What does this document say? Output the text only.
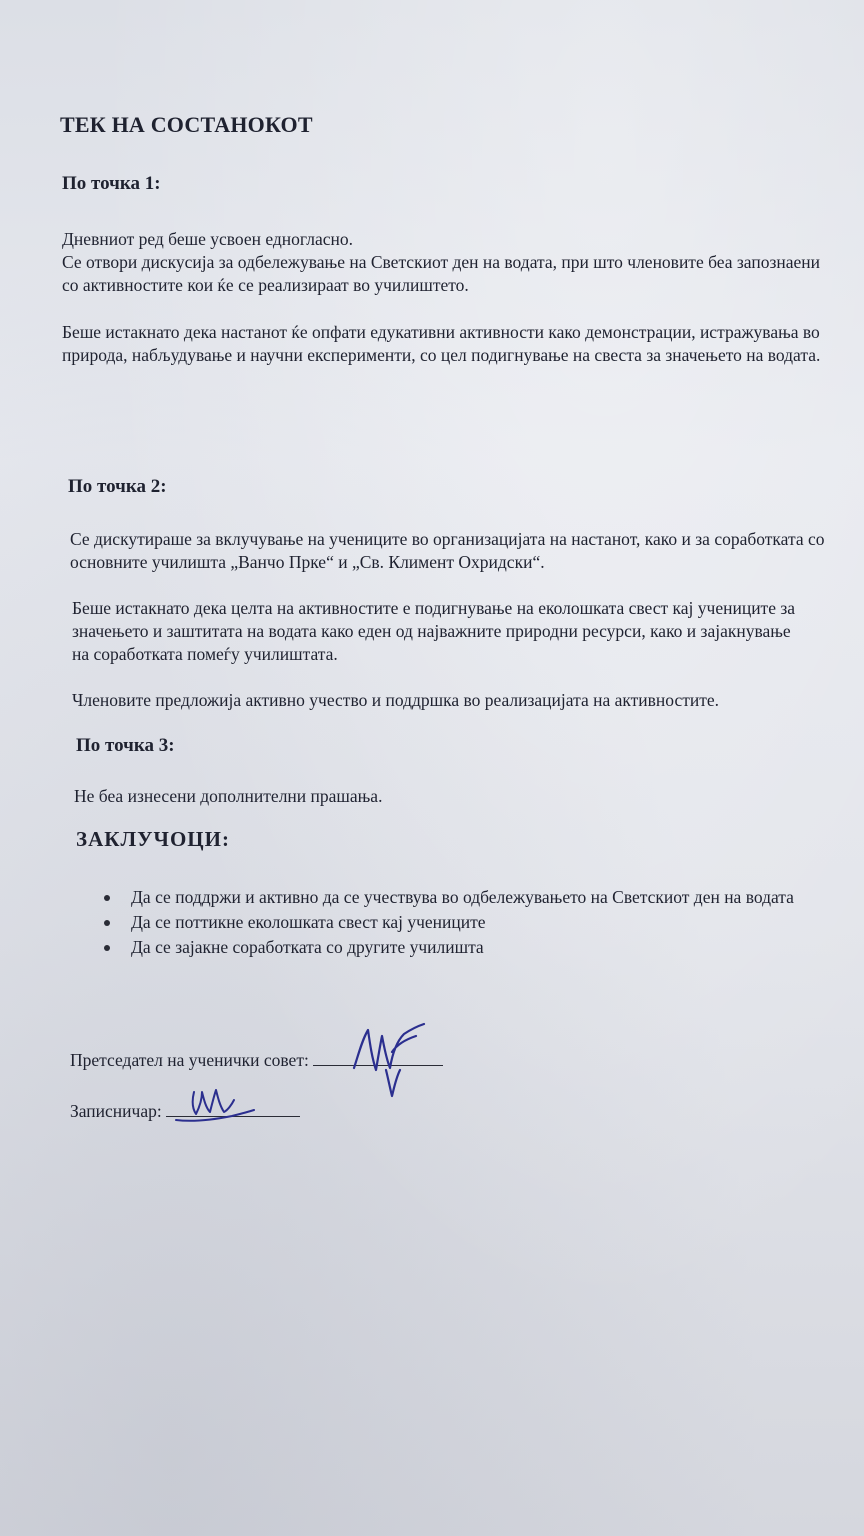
ТЕК НА СОСТАНОКОТ
По точка 1:
Дневниот ред беше усвоен едногласно.
Се отвори дискусија за одбележување на Светскиот ден на водата, при што членовите беа запознаени со активностите кои ќе се реализираат во училиштето.
Беше истакнато дека настанот ќе опфати едукативни активности како демонстрации, истражувања во природа, набљудување и научни експерименти, со цел подигнување на свеста за значењето на водата.
По точка 2:
Се дискутираше за вклучување на учениците во организацијата на настанот, како и за соработката со основните училишта „Ванчо Прке“ и „Св. Климент Охридски“.
Беше истакнато дека целта на активностите е подигнување на еколошката свест кај учениците за значењето и заштитата на водата како еден од најважните природни ресурси, како и зајакнување на соработката помеѓу училиштата.
Членовите предложија активно учество и поддршка во реализацијата на активностите.
По точка 3:
Не беа изнесени дополнителни прашања.
ЗАКЛУЧОЦИ:
Да се поддржи и активно да се учествува во одбележувањето на Светскиот ден на водата
Да се поттикне еколошката свест кај учениците
Да се зајакне соработката со другите училишта
Претседател на ученички совет:
Записничар:
